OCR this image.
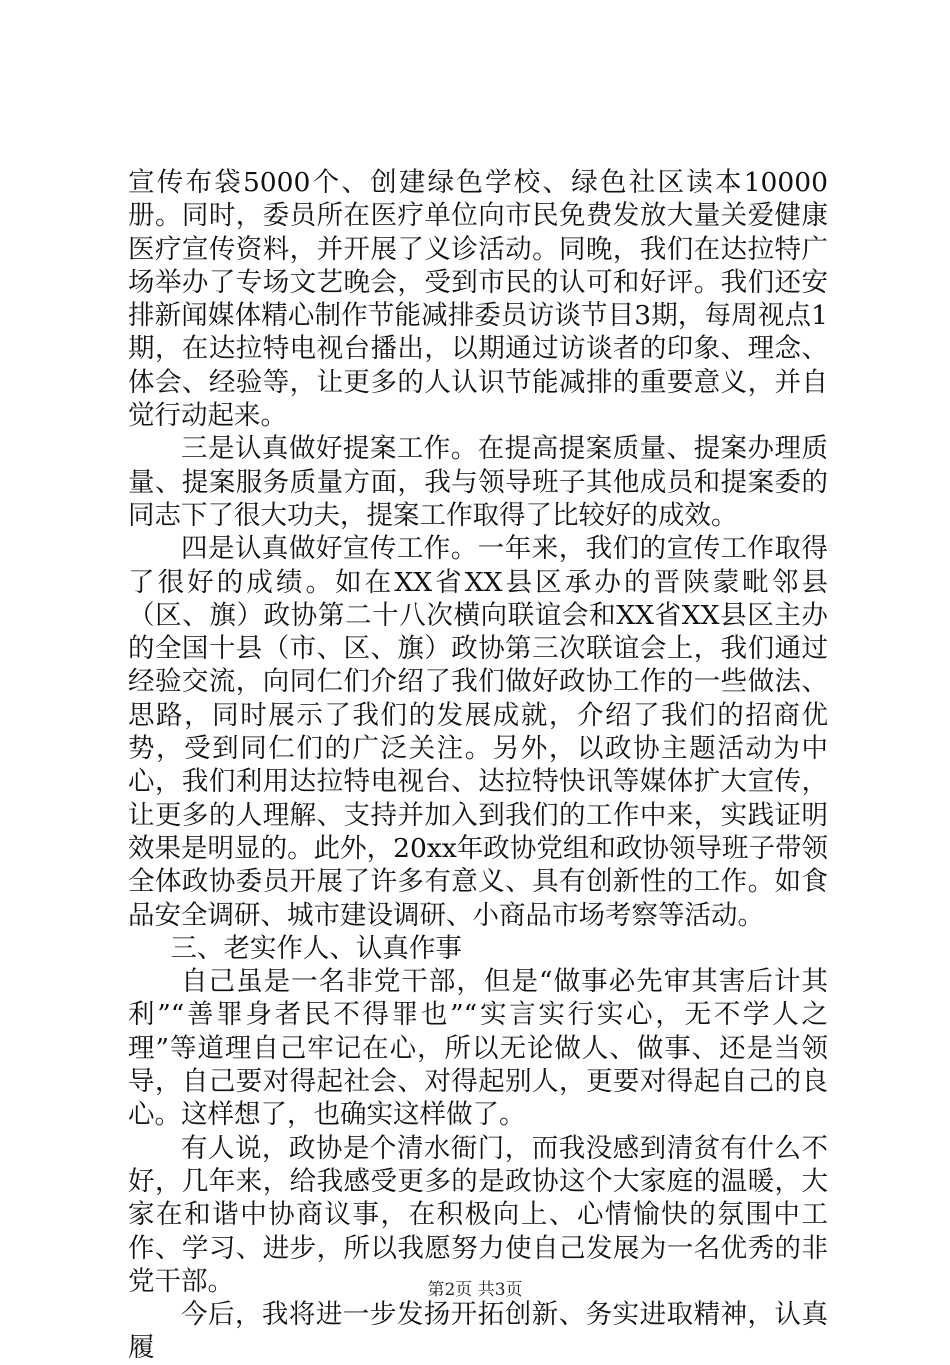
宣传布袋5000个、创建绿色学校、绿色社区读本10000册。同时，委员所在医疗单位向市民免费发放大量关爱健康医疗宣传资料，并开展了义诊活动。同晚，我们在达拉特广场举办了专场文艺晚会，受到市民的认可和好评。我们还安排新闻媒体精心制作节能减排委员访谈节目3期，每周视点1期，在达拉特电视台播出，以期通过访谈者的印象、理念、体会、经验等，让更多的人认识节能减排的重要意义，并自觉行动起来。

三是认真做好提案工作。在提高提案质量、提案办理质量、提案服务质量方面，我与领导班子其他成员和提案委的同志下了很大功夫，提案工作取得了比较好的成效。

四是认真做好宣传工作。一年来，我们的宣传工作取得了很好的成绩。如在XX省XX县区承办的晋陕蒙毗邻县（区、旗）政协第二十八次横向联谊会和XX省XX县区主办的全国十县（市、区、旗）政协第三次联谊会上，我们通过经验交流，向同仁们介绍了我们做好政协工作的一些做法、思路，同时展示了我们的发展成就，介绍了我们的招商优势，受到同仁们的广泛关注。另外，以政协主题活动为中心，我们利用达拉特电视台、达拉特快讯等媒体扩大宣传，让更多的人理解、支持并加入到我们的工作中来，实践证明效果是明显的。此外，20xx年政协党组和政协领导班子带领全体政协委员开展了许多有意义、具有创新性的工作。如食品安全调研、城市建设调研、小商品市场考察等活动。

三、老实作人、认真作事

自己虽是一名非党干部，但是“做事必先审其害后计其利”“善罪身者民不得罪也”“实言实行实心，无不学人之理”等道理自己牢记在心，所以无论做人、做事、还是当领导，自己要对得起社会、对得起别人，更要对得起自己的良心。这样想了，也确实这样做了。

有人说，政协是个清水衙门，而我没感到清贫有什么不好，几年来，给我感受更多的是政协这个大家庭的温暖，大家在和谐中协商议事，在积极向上、心情愉快的氛围中工作、学习、进步，所以我愿努力使自己发展为一名优秀的非党干部。

今后，我将进一步发扬开拓创新、务实进取精神，认真履

第2页 共3页
